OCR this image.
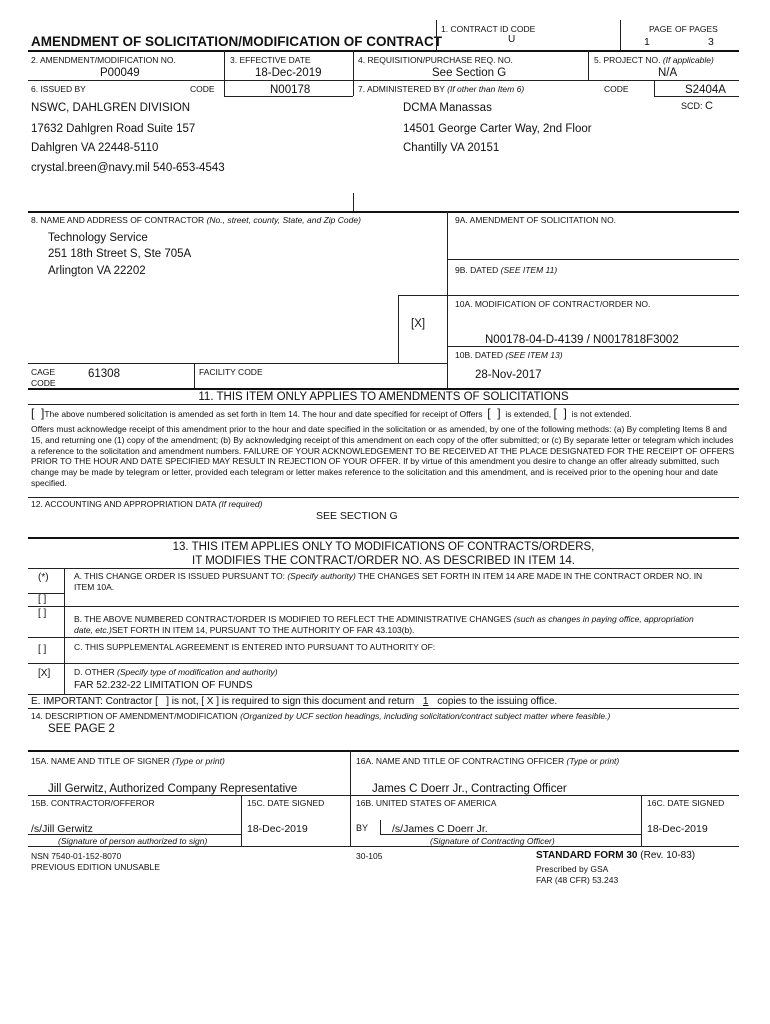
AMENDMENT OF SOLICITATION/MODIFICATION OF CONTRACT
1. CONTRACT ID CODE
U
PAGE OF PAGES
1	3
2. AMENDMENT/MODIFICATION NO.
P00049
3. EFFECTIVE DATE
18-Dec-2019
4. REQUISITION/PURCHASE REQ. NO.
See Section G
5. PROJECT NO. (If applicable)
N/A
6. ISSUED BY	CODE	N00178	7. ADMINISTERED BY (If other than Item 6)	CODE	S2404A
SCD: C
NSWC, DAHLGREN DIVISION
17632 Dahlgren Road Suite 157
Dahlgren VA 22448-5110
crystal.breen@navy.mil 540-653-4543
DCMA Manassas
14501 George Carter Way, 2nd Floor
Chantilly VA 20151
8. NAME AND ADDRESS OF CONTRACTOR (No., street, county, State, and Zip Code)
Technology Service
251 18th Street S, Ste 705A
Arlington VA 22202
[X]
9A. AMENDMENT OF SOLICITATION NO.
9B. DATED (SEE ITEM 11)
10A. MODIFICATION OF CONTRACT/ORDER NO.
N00178-04-D-4139 / N0017818F3002
10B. DATED (SEE ITEM 13)
28-Nov-2017
CAGE
CODE
61308	FACILITY CODE
11. THIS ITEM ONLY APPLIES TO AMENDMENTS OF SOLICITATIONS
[  ]The above numbered solicitation is amended as set forth in Item 14. The hour and date specified for receipt of Offers [  ] is extended, [  ] is not extended.
Offers must acknowledge receipt of this amendment prior to the hour and date specified in the solicitation or as amended, by one of the following methods: (a) By completing Items 8 and 15, and returning one (1) copy of the amendment; (b) By acknowledging receipt of this amendment on each copy of the offer submitted; or (c) By separate letter or telegram which includes a reference to the solicitation and amendment numbers. FAILURE OF YOUR ACKNOWLEDGEMENT TO BE RECEIVED AT THE PLACE DESIGNATED FOR THE RECEIPT OF OFFERS PRIOR TO THE HOUR AND DATE SPECIFIED MAY RESULT IN REJECTION OF YOUR OFFER. If by virtue of this amendment you desire to change an offer already submitted, such change may be made by telegram or letter, provided each telegram or letter makes reference to the solicitation and this amendment, and is received prior to the opening hour and date specified.
12. ACCOUNTING AND APPROPRIATION DATA (If required)
SEE SECTION G
13. THIS ITEM APPLIES ONLY TO MODIFICATIONS OF CONTRACTS/ORDERS,
IT MODIFIES THE CONTRACT/ORDER NO. AS DESCRIBED IN ITEM 14.
(*)	A. THIS CHANGE ORDER IS ISSUED PURSUANT TO: (Specify authority) THE CHANGES SET FORTH IN ITEM 14 ARE MADE IN THE CONTRACT ORDER NO. IN
ITEM 10A.
[ ]
[ ]	B. THE ABOVE NUMBERED CONTRACT/ORDER IS MODIFIED TO REFLECT THE ADMINISTRATIVE CHANGES (such as changes in paying office, appropriation
date, etc.)SET FORTH IN ITEM 14, PURSUANT TO THE AUTHORITY OF FAR 43.103(b).
[ ]	C. THIS SUPPLEMENTAL AGREEMENT IS ENTERED INTO PURSUANT TO AUTHORITY OF:
[X]	D. OTHER (Specify type of modification and authority)
FAR 52.232-22 LIMITATION OF FUNDS
E. IMPORTANT: Contractor [ ] is not, [ X ] is required to sign this document and return 1 copies to the issuing office.
14. DESCRIPTION OF AMENDMENT/MODIFICATION (Organized by UCF section headings, including solicitation/contract subject matter where feasible.)
SEE PAGE 2
15A. NAME AND TITLE OF SIGNER (Type or print)	16A. NAME AND TITLE OF CONTRACTING OFFICER (Type or print)
Jill Gerwitz, Authorized Company Representative	James C Doerr Jr., Contracting Officer
15B. CONTRACTOR/OFFEROR	15C. DATE SIGNED	16B. UNITED STATES OF AMERICA	16C. DATE SIGNED
/s/Jill Gerwitz	18-Dec-2019	BY /s/James C Doerr Jr.	18-Dec-2019
(Signature of person authorized to sign)	(Signature of Contracting Officer)
NSN 7540-01-152-8070
PREVIOUS EDITION UNUSABLE
30-105	STANDARD FORM 30 (Rev. 10-83)
Prescribed by GSA
FAR (48 CFR) 53.243
